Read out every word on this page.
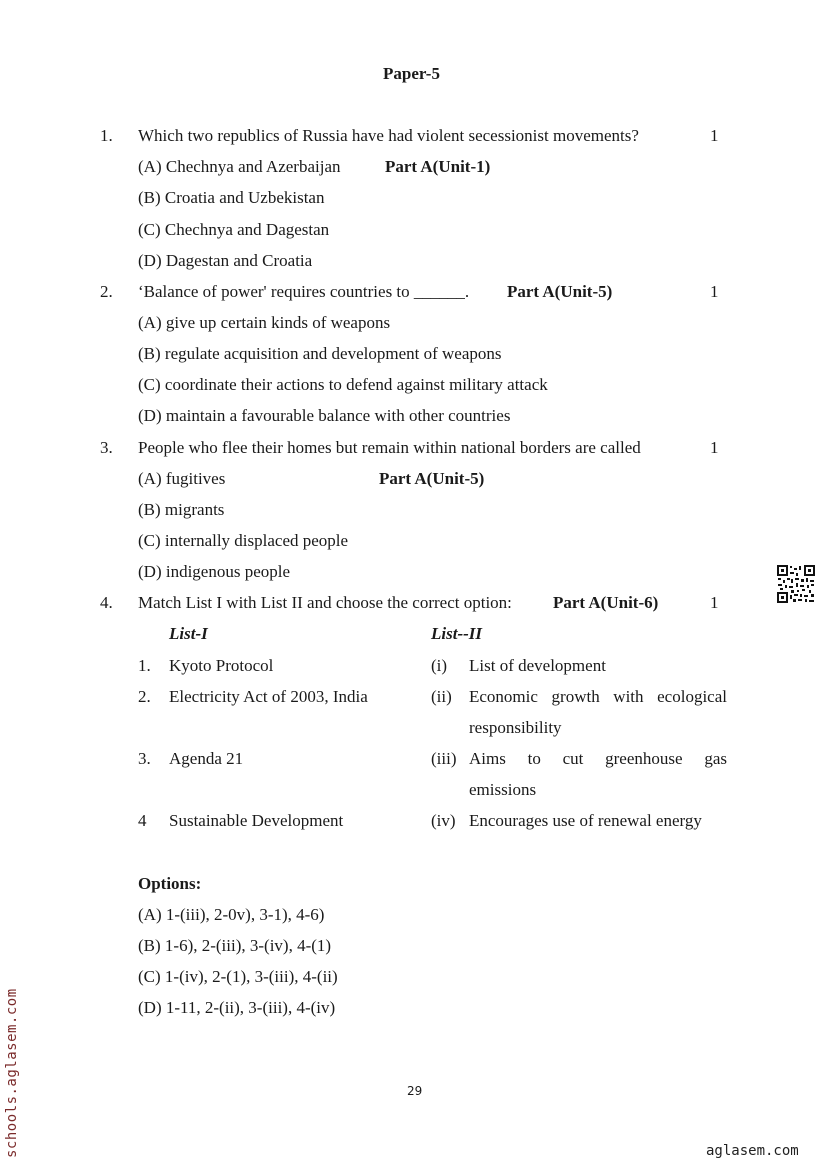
Paper-5
1. Which two republics of Russia have had violent secessionist movements?	1
(A) Chechnya and Azerbaijan	Part A(Unit-1)
(B) Croatia and Uzbekistan
(C) Chechnya and Dagestan
(D) Dagestan and Croatia
2. ‘Balance of power' requires countries to ______. Part A(Unit-5)	1
(A) give up certain kinds of weapons
(B) regulate acquisition and development of weapons
(C) coordinate their actions to defend against military attack
(D) maintain a favourable balance with other countries
3. People who flee their homes but remain within national borders are called	1
(A) fugitives	Part A(Unit-5)
(B) migrants
(C) internally displaced people
(D) indigenous people
4. Match List I with List II and choose the correct option: Part A(Unit-6)	1
List-I	List--II
1. Kyoto Protocol	(i) List of development
2. Electricity Act of 2003, India	(ii) Economic growth with ecological
responsibility
3. Agenda 21	(iii) Aims to cut greenhouse gas
emissions
4 Sustainable Development	(iv) Encourages use of renewal energy
Options:
(A) 1-(iii), 2-0v), 3-1), 4-6)
(B) 1-6), 2-(iii), 3-(iv), 4-(1)
(C) 1-(iv), 2-(1), 3-(iii), 4-(ii)
(D) 1-11, 2-(ii), 3-(iii), 4-(iv)
29
schools.aglasem.com	aglasem.com
